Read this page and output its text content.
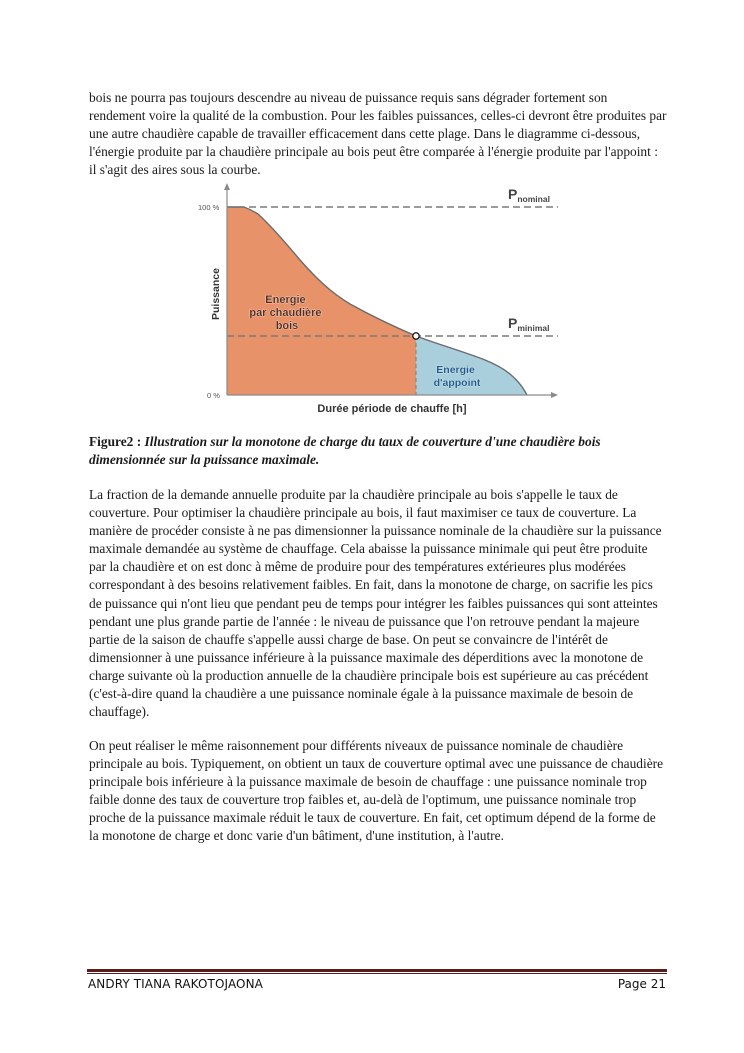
bois ne pourra pas toujours descendre au niveau de puissance requis sans dégrader fortement son rendement voire la qualité de la combustion. Pour les faibles puissances, celles-ci devront être produites par une autre chaudière capable de travailler efficacement dans cette plage. Dans le diagramme ci-dessous, l'énergie produite par la chaudière principale au bois peut être comparée à l'énergie produite par l'appoint : il s'agit des aires sous la courbe.

100 %
0 %
Puissance
Durée période de chauffe [h]
Pnominal
Pminimal
Energie par chaudière bois
Energie d'appoint
Figure2 : Illustration sur la monotone de charge du taux de couverture d'une chaudière bois dimensionnée sur la puissance maximale.

La fraction de la demande annuelle produite par la chaudière principale au bois s'appelle le taux de couverture. Pour optimiser la chaudière principale au bois, il faut maximiser ce taux de couverture. La manière de procéder consiste à ne pas dimensionner la puissance nominale de la chaudière sur la puissance maximale demandée au système de chauffage. Cela abaisse la puissance minimale qui peut être produite par la chaudière et on est donc à même de produire pour des températures extérieures plus modérées correspondant à des besoins relativement faibles. En fait, dans la monotone de charge, on sacrifie les pics de puissance qui n'ont lieu que pendant peu de temps pour intégrer les faibles puissances qui sont atteintes pendant une plus grande partie de l'année : le niveau de puissance que l'on retrouve pendant la majeure partie de la saison de chauffe s'appelle aussi charge de base. On peut se convaincre de l'intérêt de dimensionner à une puissance inférieure à la puissance maximale des déperditions avec la monotone de charge suivante où la production annuelle de la chaudière principale bois est supérieure au cas précédent (c'est-à-dire quand la chaudière a une puissance nominale égale à la puissance maximale de besoin de chauffage).

On peut réaliser le même raisonnement pour différents niveaux de puissance nominale de chaudière principale au bois. Typiquement, on obtient un taux de couverture optimal avec une puissance de chaudière principale bois inférieure à la puissance maximale de besoin de chauffage : une puissance nominale trop faible donne des taux de couverture trop faibles et, au-delà de l'optimum, une puissance nominale trop proche de la puissance maximale réduit le taux de couverture. En fait, cet optimum dépend de la forme de la monotone de charge et donc varie d'un bâtiment, d'une institution, à l'autre.

ANDRY TIANA RAKOTOJAONA	Page 21
